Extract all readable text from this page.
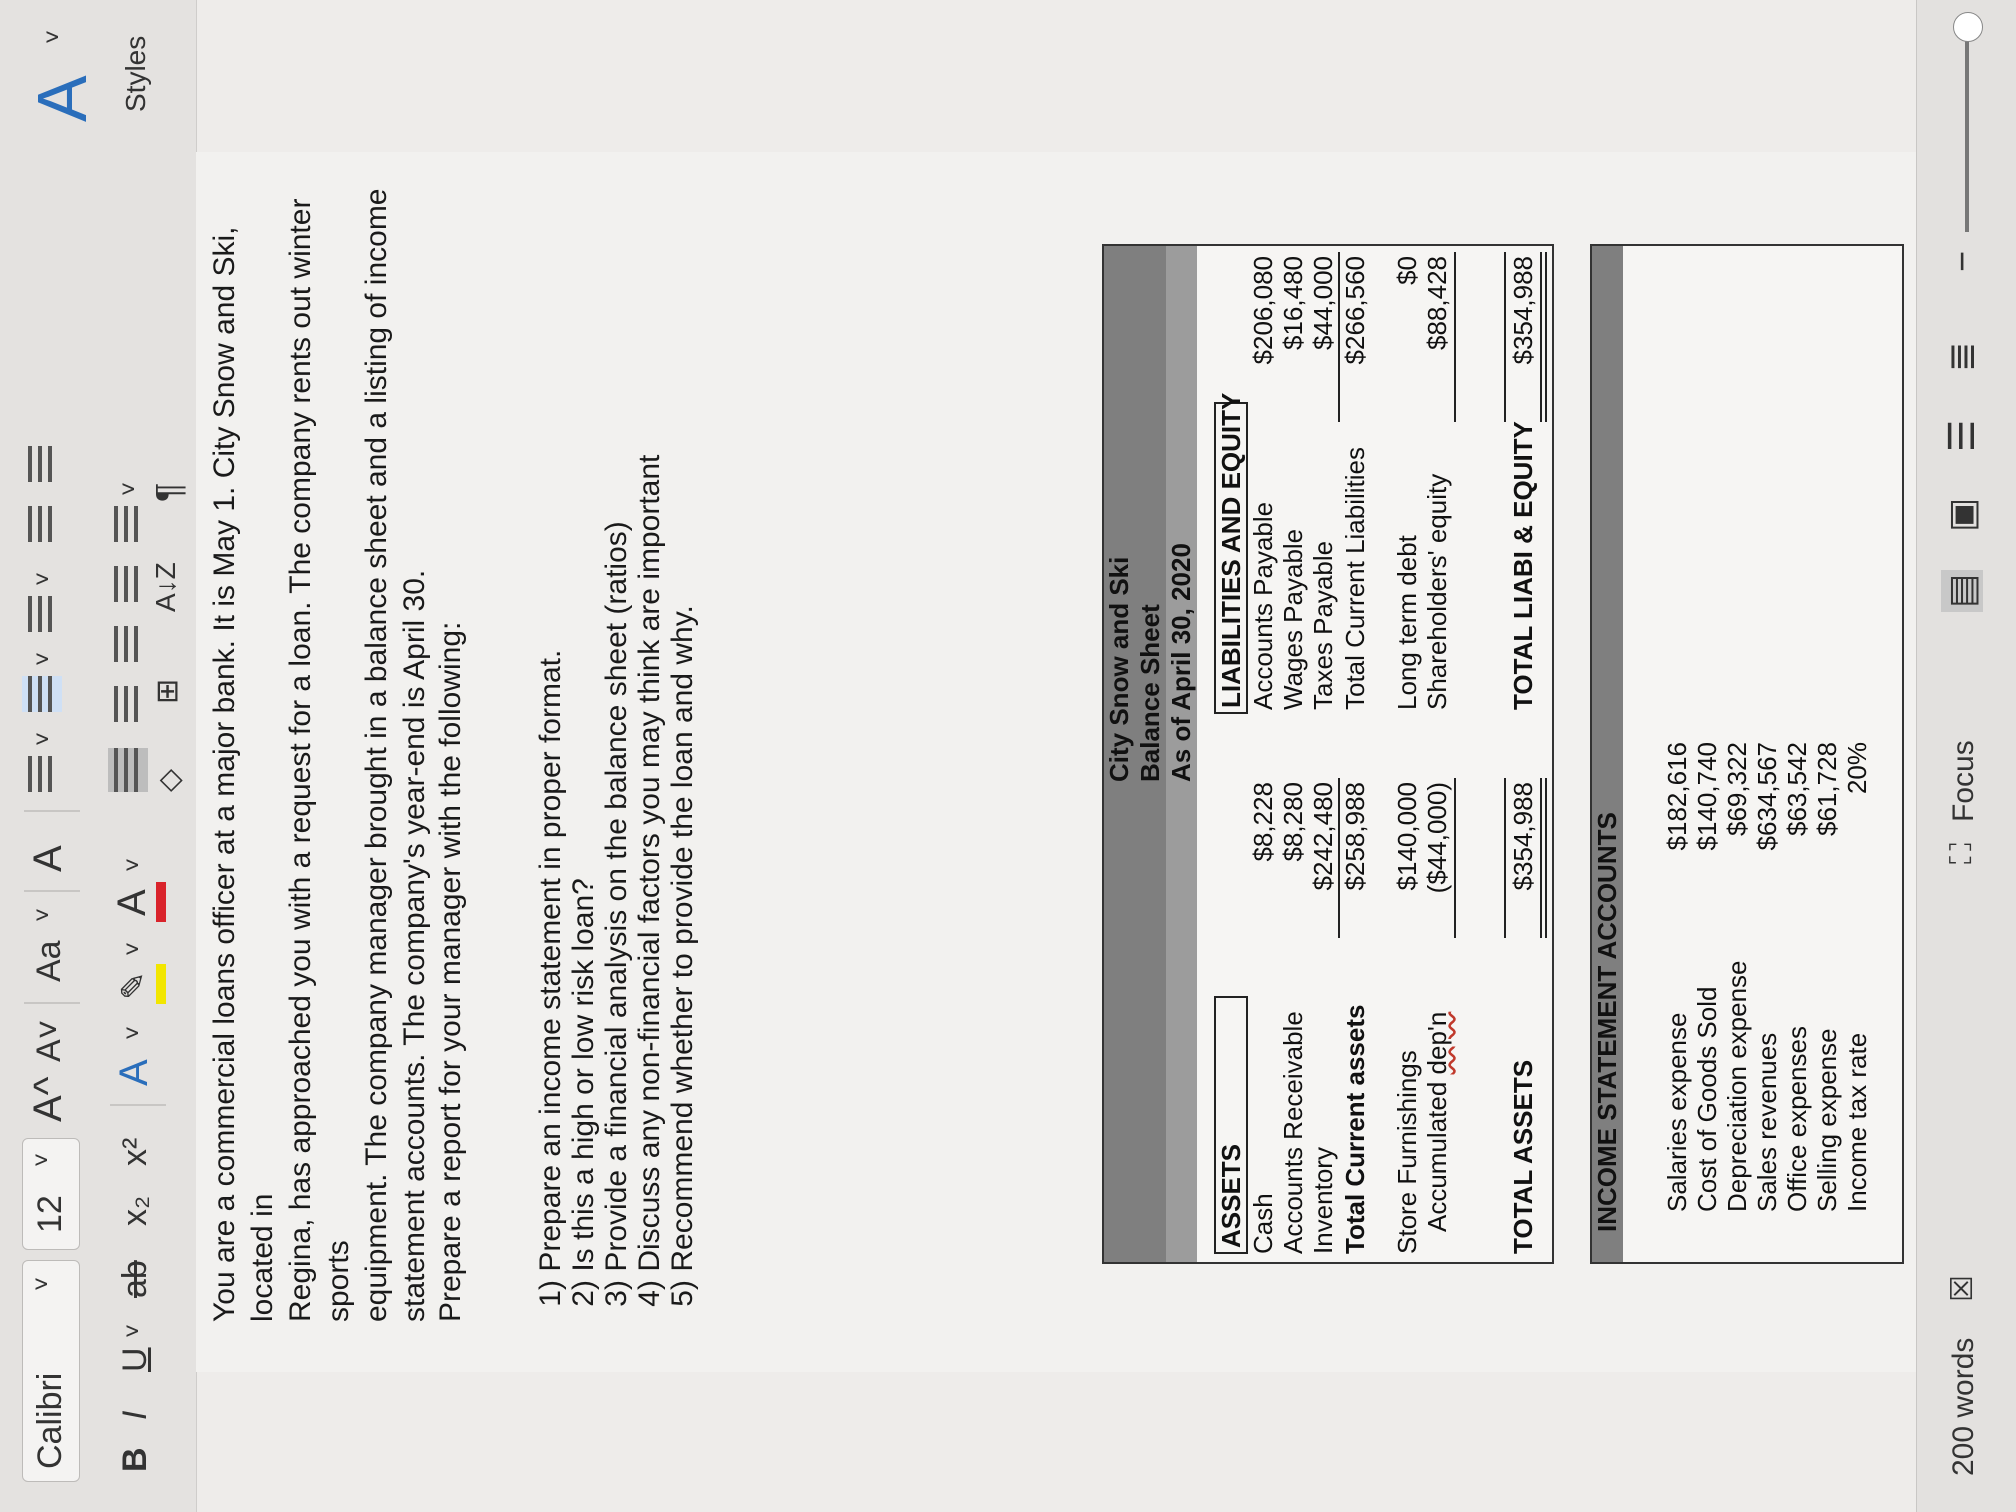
Calibri
˅
12
˅
A^
A˅
Aa
˅
A
B
I
U
˅
ab
x₂
x²
A
˅
✎
˅
A
˅
˅
˅
˅
˅
◇
⊞
A↓Z
¶
A
˅ Styles
You are a commercial loans officer at a major bank. It is May 1. City Snow and Ski, located in Regina, has approached you with a request for a loan. The company rents out winter sports equipment. The company manager brought in a balance sheet and a listing of income statement accounts. The company's year-end is April 30. Prepare a report for your manager with the following: 1) Prepare an income statement in proper format.
2) Is this a high or low risk loan?
3) Provide a financial analysis on the balance sheet (ratios)
4) Discuss any non-financial factors you may think are important
5) Recommend whether to provide the loan and why.	City Snow and Ski Balance Sheet As of April 30, 2020
ASSETS Cash
$8,228
Accounts Receivable
$8,280
Inventory
$242,480
Total Current assets
$258,988
Store Furnishings
$140,000
Accumulated dep'n
($44,000)
TOTAL ASSETS
$354,988
LIABILITIES AND EQUITY Accounts Payable
$206,080
Wages Payable
$16,480
Taxes Payable
$44,000
Total Current Liabilities
$266,560
Long term debt
$0
Shareholders' equity
$88,428
TOTAL LIABI & EQUITY
$354,988
INCOME STATEMENT ACCOUNTS Salaries expense
$182,616
Cost of Goods Sold
$140,740
Depreciation expense
$69,322
Sales revenues
$634,567
Office expenses
$63,542
Selling expense
$61,728
Income tax rate
20%
200 words
☒
⛶
Focus
▤
▣
☰
≣
−
